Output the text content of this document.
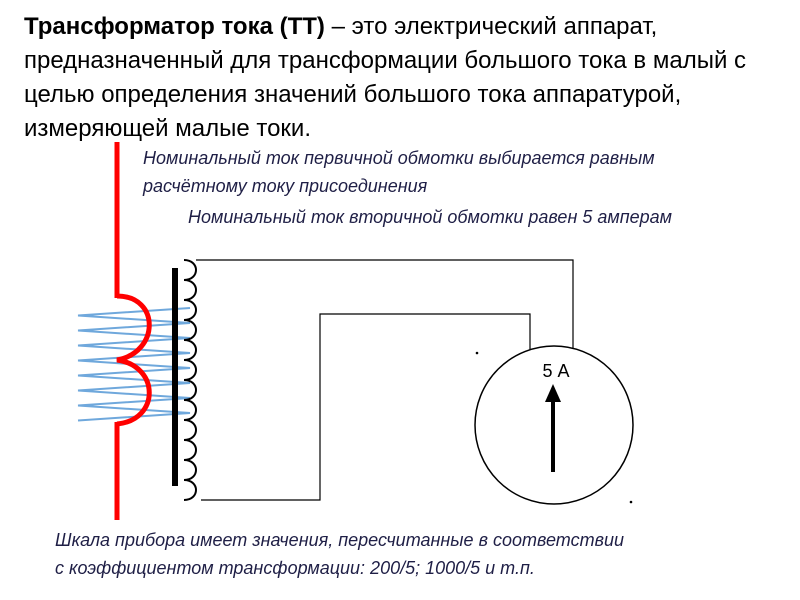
Трансформатор тока (ТТ) – это электрический аппарат, предназначенный для трансформации большого тока в малый с целью определения значений большого тока аппаратурой, измеряющей малые токи.

Номинальный ток первичной обмотки выбирается равным
расчётному току присоединения

Номинальный ток вторичной обмотки равен 5 амперам

Шкала прибора имеет значения, пересчитанные в соответствии
с коэффициентом трансформации: 200/5; 1000/5 и т.п.

5 А
